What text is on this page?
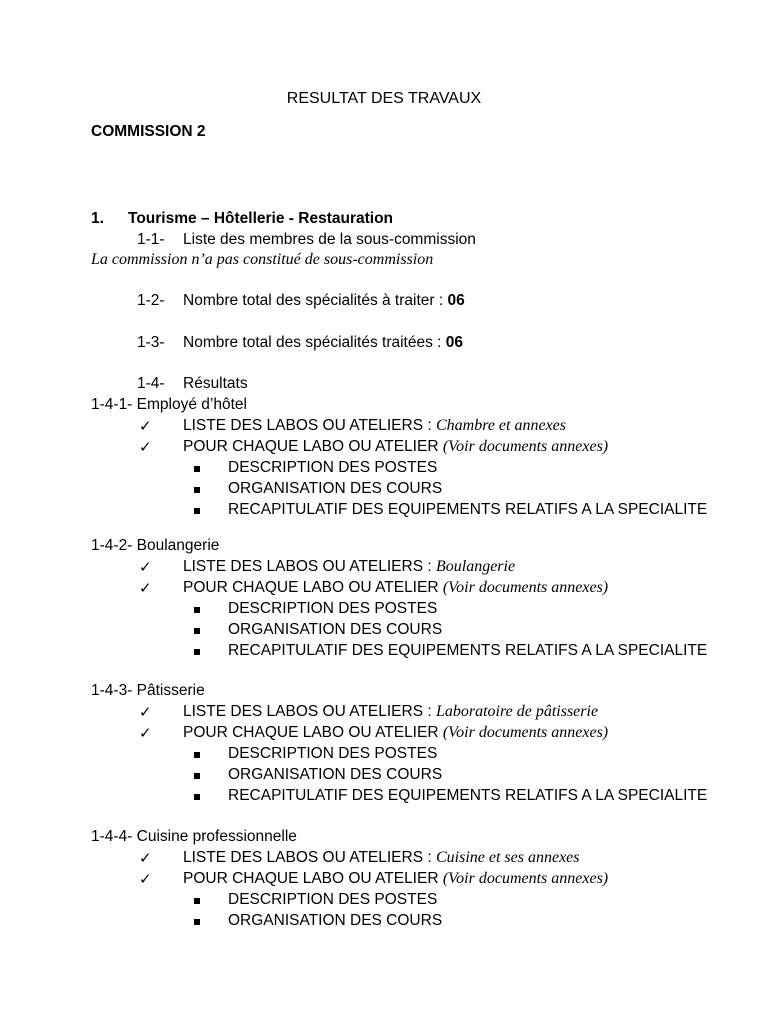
RESULTAT DES TRAVAUX
COMMISSION 2
1. Tourisme – Hôtellerie - Restauration
1-1- Liste des membres de la sous-commission
La commission n’a pas constitué de sous-commission
1-2- Nombre total des spécialités à traiter : 06
1-3- Nombre total des spécialités traitées : 06
1-4- Résultats
1-4-1- Employé d’hôtel
✓ LISTE DES LABOS OU ATELIERS : Chambre et annexes
✓ POUR CHAQUE LABO OU ATELIER (Voir documents annexes)
DESCRIPTION DES POSTES
ORGANISATION DES COURS
RECAPITULATIF DES EQUIPEMENTS RELATIFS A LA SPECIALITE
1-4-2- Boulangerie
✓ LISTE DES LABOS OU ATELIERS : Boulangerie
✓ POUR CHAQUE LABO OU ATELIER (Voir documents annexes)
DESCRIPTION DES POSTES
ORGANISATION DES COURS
RECAPITULATIF DES EQUIPEMENTS RELATIFS A LA SPECIALITE
1-4-3- Pâtisserie
✓ LISTE DES LABOS OU ATELIERS : Laboratoire de pâtisserie
✓ POUR CHAQUE LABO OU ATELIER (Voir documents annexes)
DESCRIPTION DES POSTES
ORGANISATION DES COURS
RECAPITULATIF DES EQUIPEMENTS RELATIFS A LA SPECIALITE
1-4-4- Cuisine professionnelle
✓ LISTE DES LABOS OU ATELIERS : Cuisine et ses annexes
✓ POUR CHAQUE LABO OU ATELIER (Voir documents annexes)
DESCRIPTION DES POSTES
ORGANISATION DES COURS
